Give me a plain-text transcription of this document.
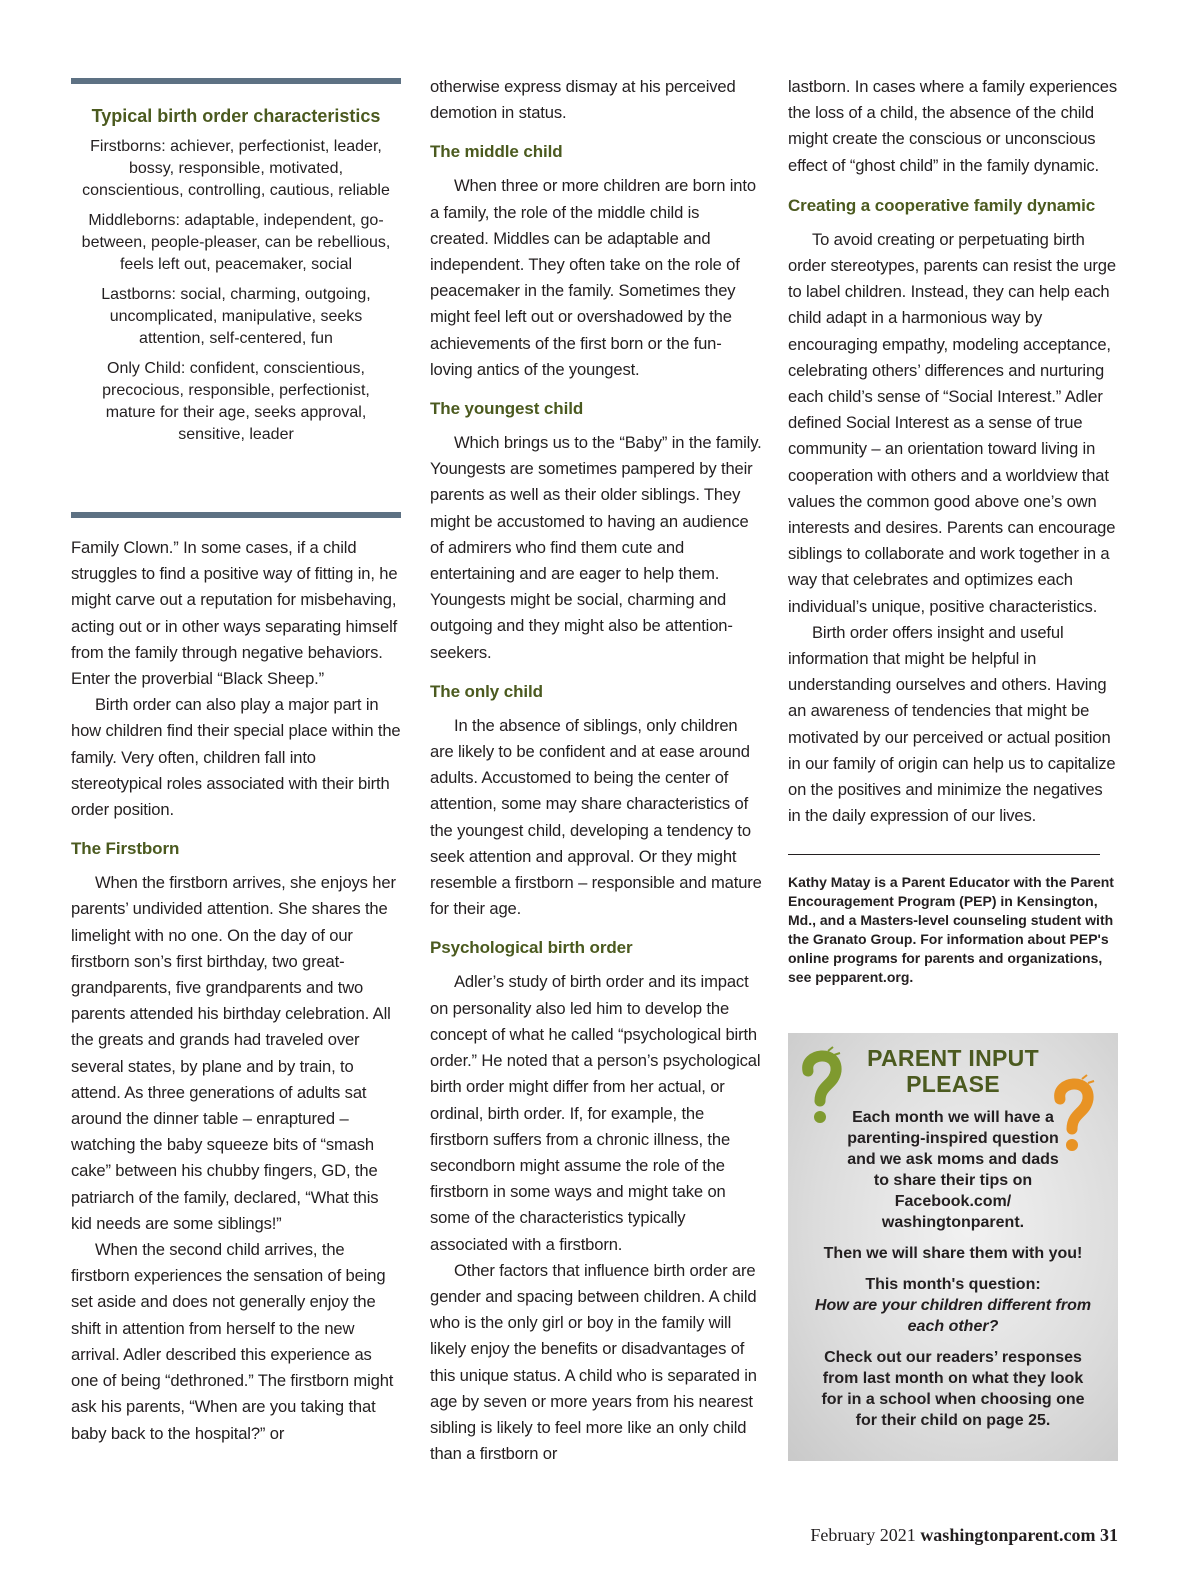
Typical birth order characteristics

Firstborns: achiever, perfectionist, leader, bossy, responsible, motivated, conscientious, controlling, cautious, reliable

Middleborns: adaptable, independent, go-between, people-pleaser, can be rebellious, feels left out, peacemaker, social

Lastborns: social, charming, outgoing, uncomplicated, manipulative, seeks attention, self-centered, fun

Only Child: confident, conscientious, precocious, responsible, perfectionist, mature for their age, seeks approval, sensitive, leader

Family Clown.” In some cases, if a child struggles to find a positive way of fitting in, he might carve out a reputation for misbehaving, acting out or in other ways separating himself from the family through negative behaviors. Enter the proverbial “Black Sheep.”

Birth order can also play a major part in how children find their special place within the family. Very often, children fall into stereotypical roles associated with their birth order position.

The Firstborn

When the firstborn arrives, she enjoys her parents’ undivided attention. She shares the limelight with no one. On the day of our firstborn son’s first birthday, two great-grandparents, five grandparents and two parents attended his birthday celebration. All the greats and grands had traveled over several states, by plane and by train, to attend. As three generations of adults sat around the dinner table – enraptured – watching the baby squeeze bits of “smash cake” between his chubby fingers, GD, the patriarch of the family, declared, “What this kid needs are some siblings!”

When the second child arrives, the firstborn experiences the sensation of being set aside and does not generally enjoy the shift in attention from herself to the new arrival. Adler described this experience as one of being “dethroned.” The firstborn might ask his parents, “When are you taking that baby back to the hospital?” or

otherwise express dismay at his perceived demotion in status.

The middle child

When three or more children are born into a family, the role of the middle child is created. Middles can be adaptable and independent. They often take on the role of peacemaker in the family. Sometimes they might feel left out or overshadowed by the achievements of the first born or the fun-loving antics of the youngest.

The youngest child

Which brings us to the “Baby” in the family. Youngests are sometimes pampered by their parents as well as their older siblings. They might be accustomed to having an audience of admirers who find them cute and entertaining and are eager to help them. Youngests might be social, charming and outgoing and they might also be attention-seekers.

The only child

In the absence of siblings, only children are likely to be confident and at ease around adults. Accustomed to being the center of attention, some may share characteristics of the youngest child, developing a tendency to seek attention and approval. Or they might resemble a firstborn – responsible and mature for their age.

Psychological birth order

Adler’s study of birth order and its impact on personality also led him to develop the concept of what he called “psychological birth order.” He noted that a person’s psychological birth order might differ from her actual, or ordinal, birth order. If, for example, the firstborn suffers from a chronic illness, the secondborn might assume the role of the firstborn in some ways and might take on some of the characteristics typically associated with a firstborn.

Other factors that influence birth order are gender and spacing between children. A child who is the only girl or boy in the family will likely enjoy the benefits or disadvantages of this unique status. A child who is separated in age by seven or more years from his nearest sibling is likely to feel more like an only child than a firstborn or

lastborn. In cases where a family experiences the loss of a child, the absence of the child might create the conscious or unconscious effect of “ghost child” in the family dynamic.

Creating a cooperative family dynamic

To avoid creating or perpetuating birth order stereotypes, parents can resist the urge to label children. Instead, they can help each child adapt in a harmonious way by encouraging empathy, modeling acceptance, celebrating others’ differences and nurturing each child’s sense of “Social Interest.” Adler defined Social Interest as a sense of true community – an orientation toward living in cooperation with others and a worldview that values the common good above one’s own interests and desires. Parents can encourage siblings to collaborate and work together in a way that celebrates and optimizes each individual’s unique, positive characteristics.

Birth order offers insight and useful information that might be helpful in understanding ourselves and others. Having an awareness of tendencies that might be motivated by our perceived or actual position in our family of origin can help us to capitalize on the positives and minimize the negatives in the daily expression of our lives.

Kathy Matay is a Parent Educator with the Parent Encouragement Program (PEP) in Kensington, Md., and a Masters-level counseling student with the Granato Group. For information about PEP's online programs for parents and organizations, see pepparent.org.

PARENT INPUT PLEASE

Each month we will have a parenting-inspired question and we ask moms and dads to share their tips on Facebook.com/ washingtonparent.

Then we will share them with you!

This month's question:
How are your children different from each other?

Check out our readers’ responses from last month on what they look for in a school when choosing one for their child on page 25.

February 2021 washingtonparent.com 31
